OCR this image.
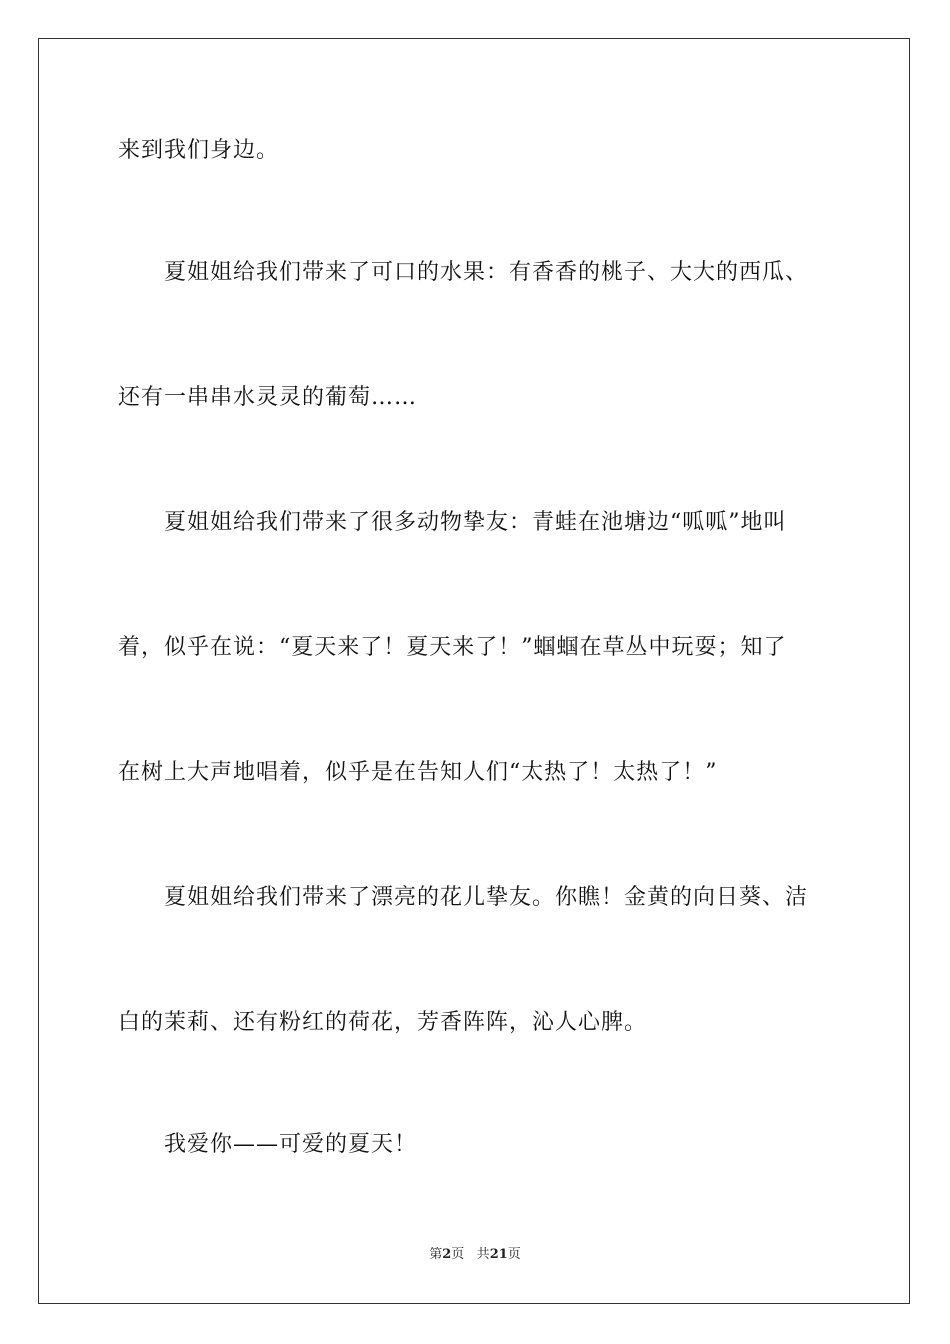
来到我们身边。
夏姐姐给我们带来了可口的水果：有香香的桃子、大大的西瓜、
还有一串串水灵灵的葡萄……
夏姐姐给我们带来了很多动物挚友：青蛙在池塘边“呱呱”地叫
着，似乎在说：“夏天来了！夏天来了！”蝈蝈在草丛中玩耍；知了
在树上大声地唱着，似乎是在告知人们“太热了！太热了！”
夏姐姐给我们带来了漂亮的花儿挚友。你瞧！金黄的向日葵、洁
白的茉莉、还有粉红的荷花，芳香阵阵，沁人心脾。
我爱你——可爱的夏天！
第2页 共21页
